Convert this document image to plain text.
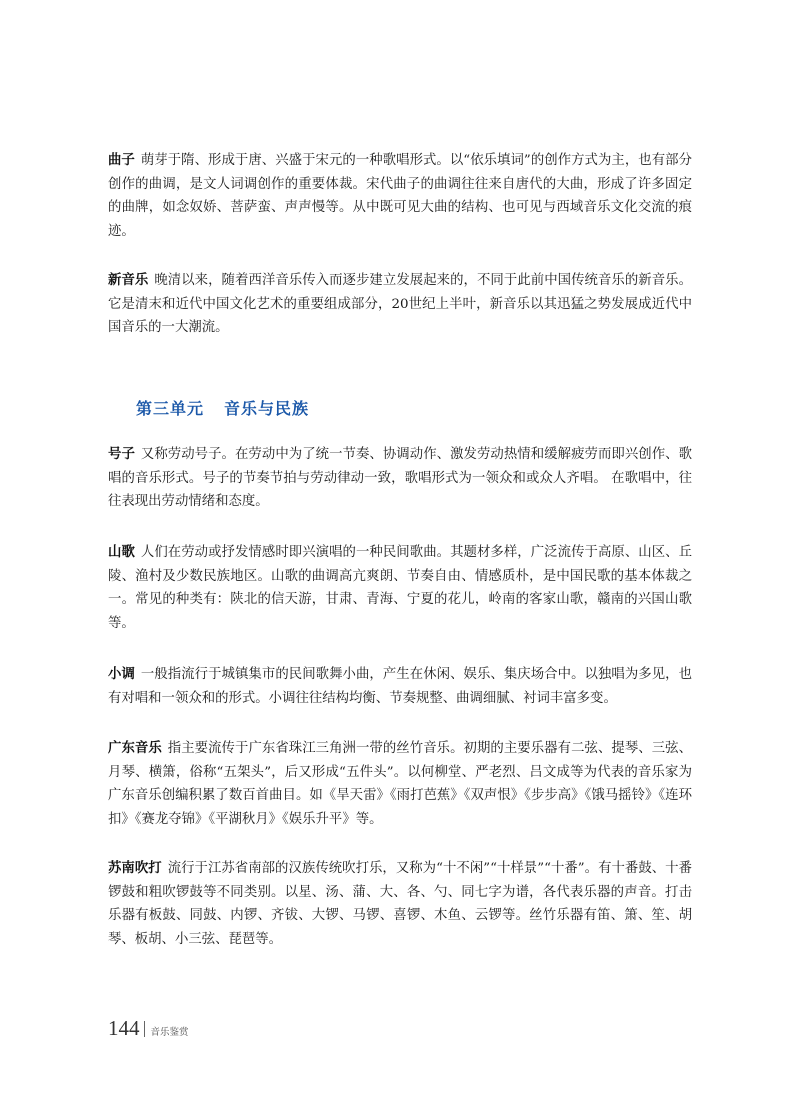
曲子 萌芽于隋、形成于唐、兴盛于宋元的一种歌唱形式。以“依乐填词”的创作方式为主，也有部分创作的曲调，是文人词调创作的重要体裁。宋代曲子的曲调往往来自唐代的大曲，形成了许多固定的曲牌，如念奴娇、菩萨蛮、声声慢等。从中既可见大曲的结构、也可见与西域音乐文化交流的痕迹。

新音乐 晚清以来，随着西洋音乐传入而逐步建立发展起来的，不同于此前中国传统音乐的新音乐。它是清末和近代中国文化艺术的重要组成部分，20世纪上半叶，新音乐以其迅猛之势发展成近代中国音乐的一大潮流。

第三单元 音乐与民族

号子 又称劳动号子。在劳动中为了统一节奏、协调动作、激发劳动热情和缓解疲劳而即兴创作、歌唱的音乐形式。号子的节奏节拍与劳动律动一致，歌唱形式为一领众和或众人齐唱。 在歌唱中，往往表现出劳动情绪和态度。

山歌 人们在劳动或抒发情感时即兴演唱的一种民间歌曲。其题材多样，广泛流传于高原、山区、丘陵、渔村及少数民族地区。山歌的曲调高亢爽朗、节奏自由、情感质朴，是中国民歌的基本体裁之一。常见的种类有：陕北的信天游，甘肃、青海、宁夏的花儿，岭南的客家山歌，赣南的兴国山歌等。

小调 一般指流行于城镇集市的民间歌舞小曲，产生在休闲、娱乐、集庆场合中。以独唱为多见，也有对唱和一领众和的形式。小调往往结构均衡、节奏规整、曲调细腻、衬词丰富多变。

广东音乐 指主要流传于广东省珠江三角洲一带的丝竹音乐。初期的主要乐器有二弦、提琴、三弦、月琴、横箫，俗称“五架头”，后又形成“五件头”。以何柳堂、严老烈、吕文成等为代表的音乐家为广东音乐创编积累了数百首曲目。如《旱天雷》《雨打芭蕉》《双声恨》《步步高》《饿马摇铃》《连环扣》《赛龙夺锦》《平湖秋月》《娱乐升平》等。

苏南吹打 流行于江苏省南部的汉族传统吹打乐，又称为“十不闲”“十样景”“十番”。有十番鼓、十番锣鼓和粗吹锣鼓等不同类别。以星、汤、蒲、大、各、勺、同七字为谱，各代表乐器的声音。打击乐器有板鼓、同鼓、内锣、齐钹、大锣、马锣、喜锣、木鱼、云锣等。丝竹乐器有笛、箫、笙、胡琴、板胡、小三弦、琵琶等。

144 音乐鉴赏
